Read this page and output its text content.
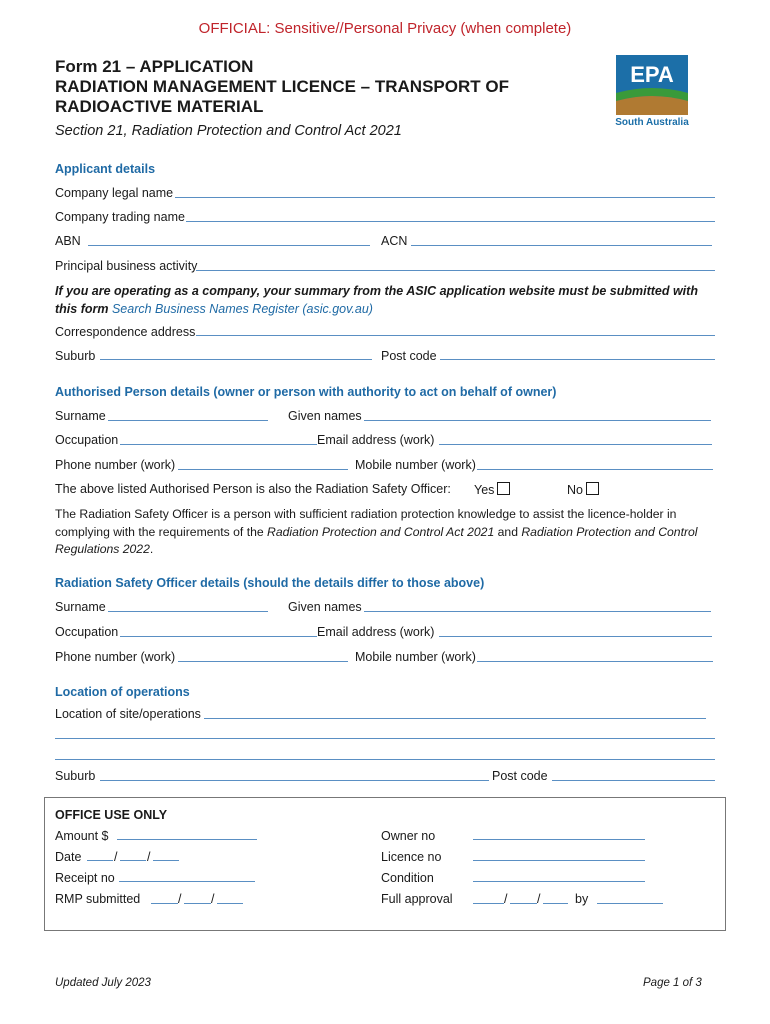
OFFICIAL: Sensitive//Personal Privacy (when complete)
Form 21 – APPLICATION
RADIATION MANAGEMENT LICENCE – TRANSPORT OF
RADIOACTIVE MATERIAL
Section 21, Radiation Protection and Control Act 2021
EPA
South Australia
Applicant details
Company legal name
Company trading name
ABN	ACN
Principal business activity
If you are operating as a company, your summary from the ASIC application website must be submitted with this form Search Business Names Register (asic.gov.au)
Correspondence address
Suburb	Post code
Authorised Person details (owner or person with authority to act on behalf of owner)
Surname	Given names
Occupation	Email address (work)
Phone number (work)	Mobile number (work)
The above listed Authorised Person is also the Radiation Safety Officer: Yes	No
The Radiation Safety Officer is a person with sufficient radiation protection knowledge to assist the licence-holder in complying with the requirements of the Radiation Protection and Control Act 2021 and Radiation Protection and Control Regulations 2022.
Radiation Safety Officer details (should the details differ to those above)
Surname	Given names
Occupation	Email address (work)
Phone number (work)	Mobile number (work)
Location of operations
Location of site/operations
Suburb	Post code
OFFICE USE ONLY
Amount $	Owner no
Date	/ /	Licence no
Receipt no	Condition
RMP submitted	/ /	Full approval	/ /	by
Updated July 2023	Page 1 of 3
